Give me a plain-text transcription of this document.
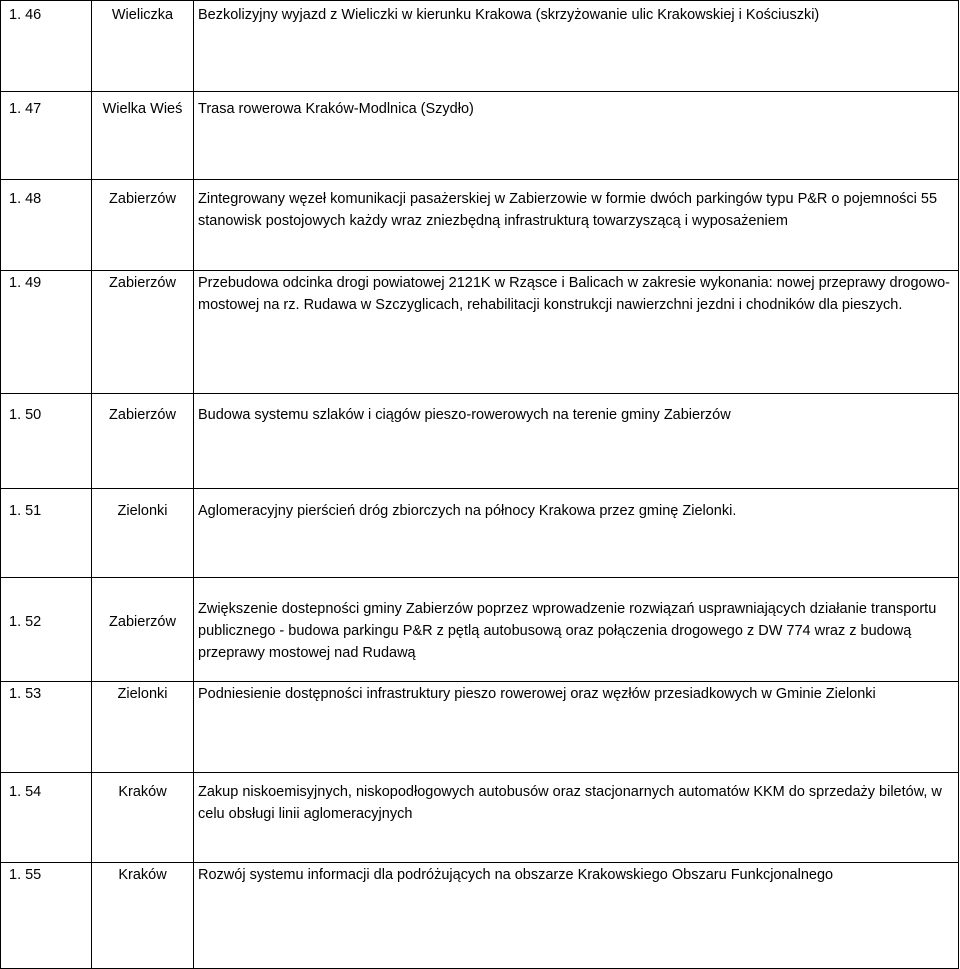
1. 46	Wieliczka	Bezkolizyjny wyjazd z Wieliczki w kierunku Krakowa (skrzyżowanie ulic Krakowskiej i Kościuszki)

1. 47	Wielka Wieś	Trasa rowerowa Kraków-Modlnica (Szydło)

1. 48	Zabierzów	Zintegrowany węzeł komunikacji pasażerskiej w Zabierzowie w formie dwóch parkingów typu P&R o pojemności 55 stanowisk postojowych każdy wraz zniezbędną infrastrukturą towarzyszącą i wyposażeniem

1. 49	Zabierzów	Przebudowa odcinka drogi powiatowej 2121K w Rząsce i Balicach w zakresie wykonania: nowej przeprawy drogowo-mostowej na rz. Rudawa w Szczyglicach, rehabilitacji konstrukcji nawierzchni jezdni i chodników dla pieszych.

1. 50	Zabierzów	Budowa systemu szlaków i ciągów pieszo-rowerowych na terenie gminy Zabierzów

1. 51	Zielonki	Aglomeracyjny pierścień dróg zbiorczych na północy Krakowa przez gminę Zielonki.

1. 52	Zabierzów	Zwiększenie dostepności gminy Zabierzów poprzez wprowadzenie rozwiązań usprawniających działanie transportu publicznego - budowa parkingu P&R z pętlą autobusową oraz połączenia drogowego z DW 774 wraz z budową przeprawy mostowej nad Rudawą

1. 53	Zielonki	Podniesienie dostępności infrastruktury pieszo rowerowej oraz węzłów przesiadkowych w Gminie Zielonki

1. 54	Kraków	Zakup niskoemisyjnych, niskopodłogowych autobusów oraz stacjonarnych automatów KKM do sprzedaży biletów, w celu obsługi linii aglomeracyjnych

1. 55	Kraków	Rozwój systemu informacji dla podróżujących na obszarze Krakowskiego Obszaru Funkcjonalnego
